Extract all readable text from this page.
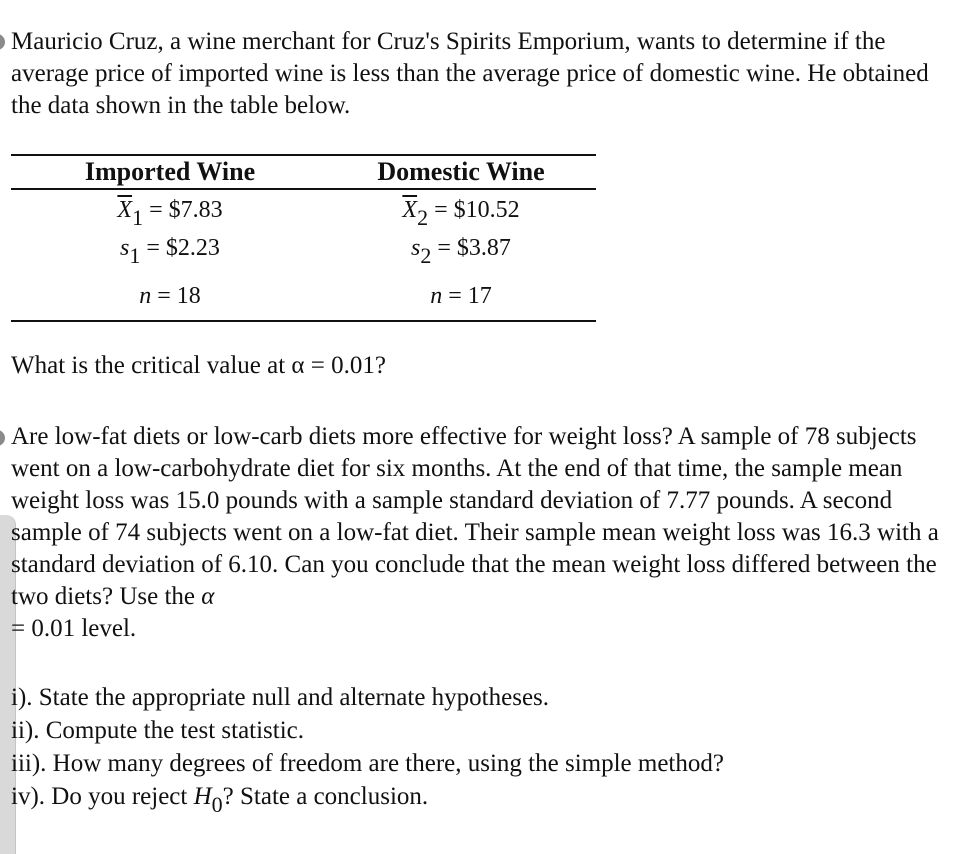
Mauricio Cruz, a wine merchant for Cruz's Spirits Emporium, wants to determine if the average price of imported wine is less than the average price of domestic wine. He obtained the data shown in the table below.

Imported Wine	Domestic Wine
$\overline{X}_1$ = $7.83	$\overline{X}_2$ = $10.52
$s_1$ = $2.23	$s_2$ = $3.87
n = 18	n = 17

What is the critical value at α = 0.01?

Are low-fat diets or low-carb diets more effective for weight loss? A sample of 78 subjects went on a low-carbohydrate diet for six months. At the end of that time, the sample mean weight loss was 15.0 pounds with a sample standard deviation of 7.77 pounds. A second sample of 74 subjects went on a low-fat diet. Their sample mean weight loss was 16.3 with a standard deviation of 6.10. Can you conclude that the mean weight loss differed between the two diets? Use the α
= 0.01 level.

i). State the appropriate null and alternate hypotheses.
ii). Compute the test statistic.
iii). How many degrees of freedom are there, using the simple method?
iv). Do you reject $H_0$? State a conclusion.
